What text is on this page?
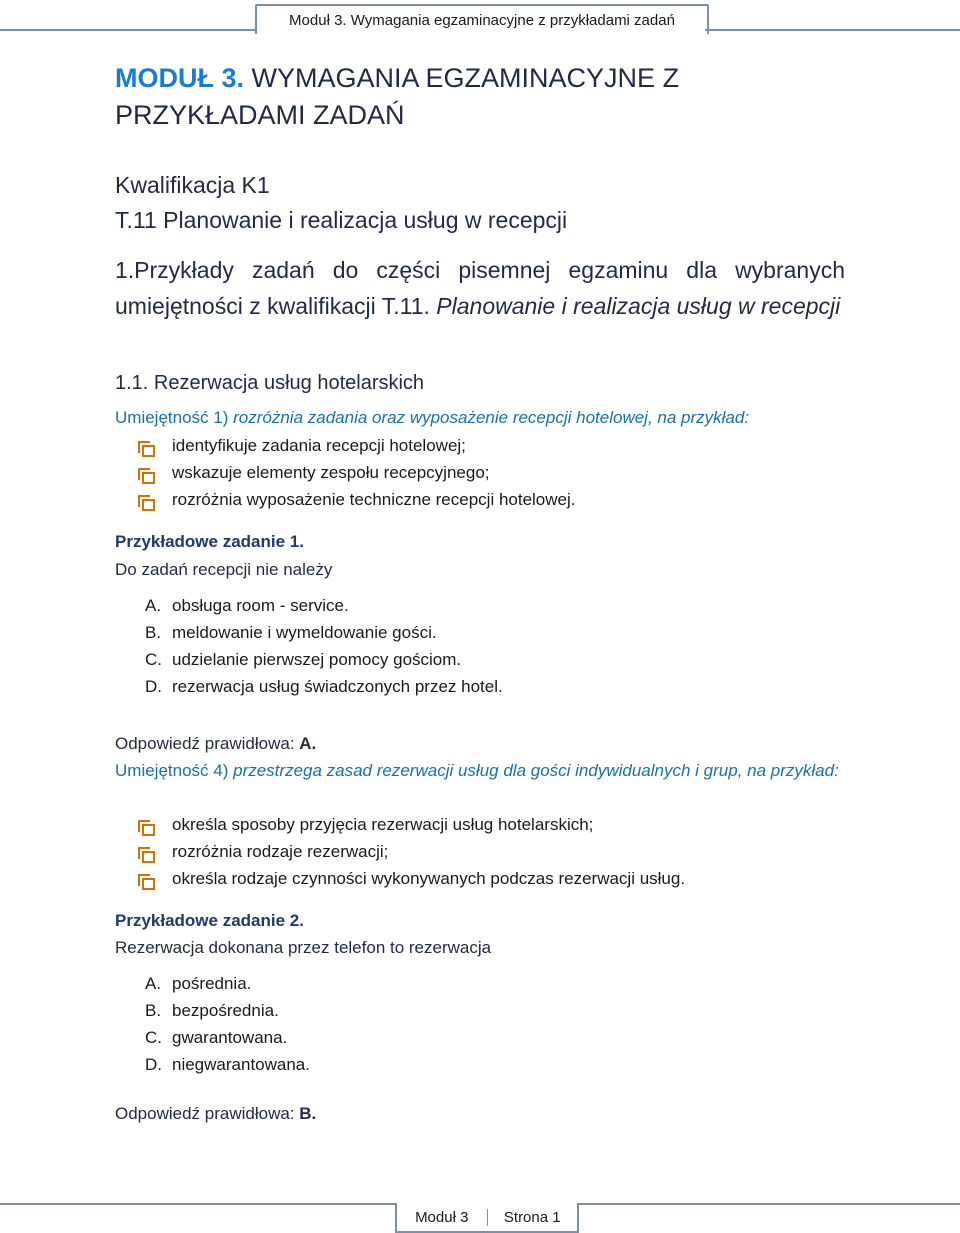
Moduł 3. Wymagania egzaminacyjne z przykładami zadań
MODUŁ 3. WYMAGANIA EGZAMINACYJNE Z PRZYKŁADAMI ZADAŃ
Kwalifikacja K1
T.11 Planowanie i realizacja usług w recepcji
1.Przykłady zadań do części pisemnej egzaminu dla wybranych umiejętności z kwalifikacji T.11. Planowanie i realizacja usług w recepcji
1.1. Rezerwacja usług hotelarskich
Umiejętność 1) rozróżnia zadania oraz wyposażenie recepcji hotelowej, na przykład:
identyfikuje zadania recepcji hotelowej;
wskazuje elementy zespołu recepcyjnego;
rozróżnia wyposażenie techniczne recepcji hotelowej.
Przykładowe zadanie 1.
Do zadań recepcji nie należy
A. obsługa room - service.
B. meldowanie i wymeldowanie gości.
C. udzielanie pierwszej pomocy gościom.
D. rezerwacja usług świadczonych przez hotel.
Odpowiedź prawidłowa: A.
Umiejętność 4) przestrzega zasad rezerwacji usług dla gości indywidualnych i grup, na przykład:
określa sposoby przyjęcia rezerwacji usług hotelarskich;
rozróżnia rodzaje rezerwacji;
określa rodzaje czynności wykonywanych podczas rezerwacji usług.
Przykładowe zadanie 2.
Rezerwacja dokonana przez telefon to rezerwacja
A. pośrednia.
B. bezpośrednia.
C. gwarantowana.
D. niegwarantowana.
Odpowiedź prawidłowa: B.
Moduł 3	Strona 1
